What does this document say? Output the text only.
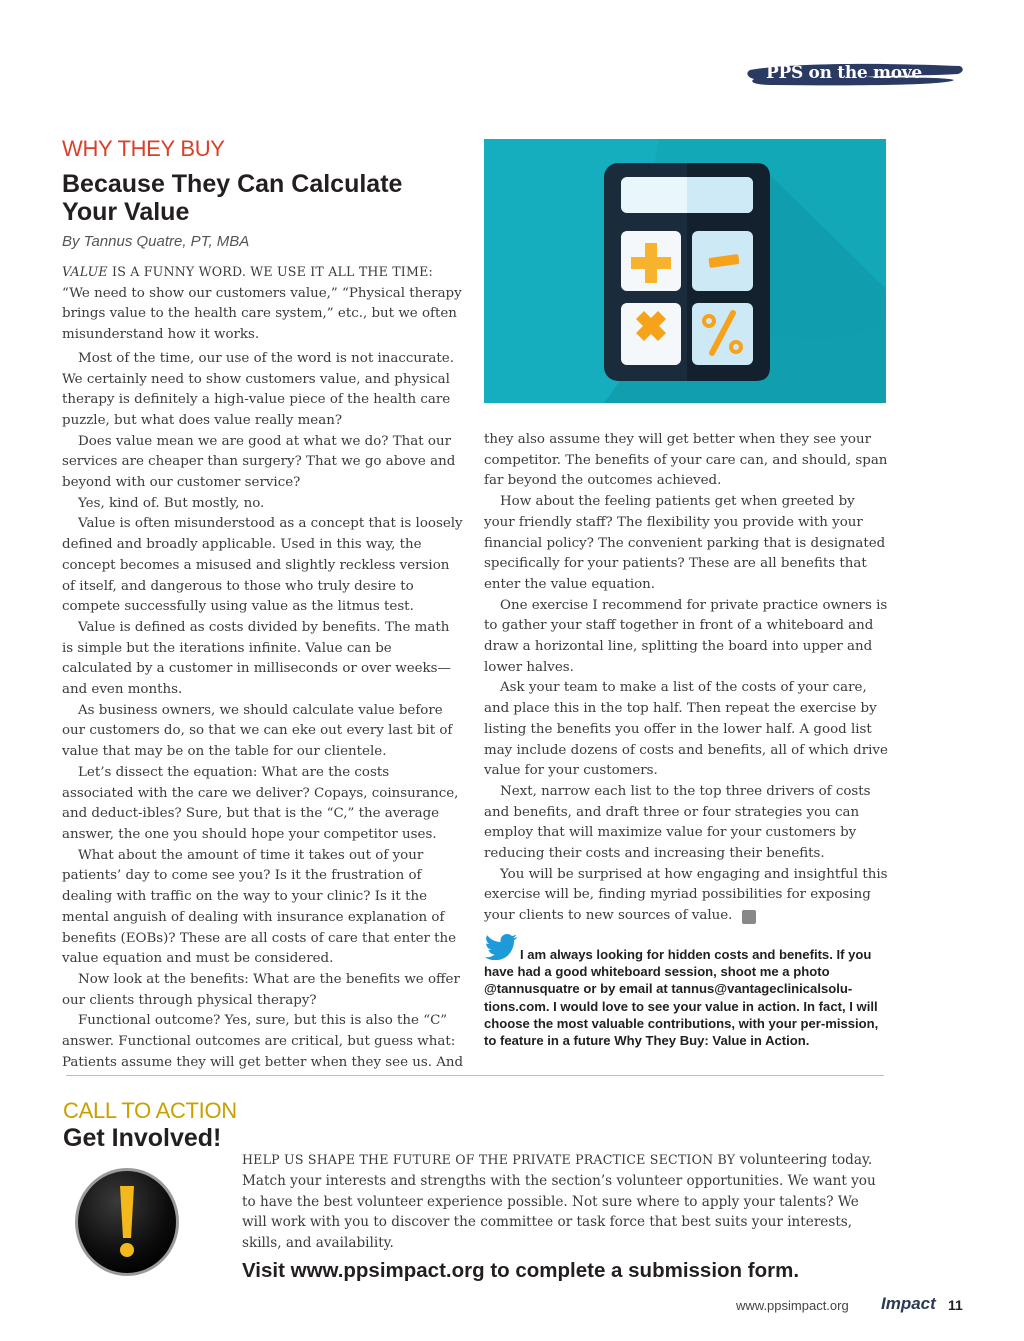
PPS on the move
WHY THEY BUY
Because They Can Calculate
Your Value
By Tannus Quatre, PT, MBA

VALUE IS A FUNNY WORD. WE USE IT ALL THE TIME: “We need to show our customers value,” “Physical therapy brings value to the health care system,” etc., but we often misunderstand how it works.

Most of the time, our use of the word is not inaccurate. We certainly need to show customers value, and physical therapy is definitely a high-value piece of the health care puzzle, but what does value really mean?

Does value mean we are good at what we do? That our services are cheaper than surgery? That we go above and beyond with our customer service?

Yes, kind of. But mostly, no.

Value is often misunderstood as a concept that is loosely defined and broadly applicable. Used in this way, the concept becomes a misused and slightly reckless version of itself, and dangerous to those who truly desire to compete successfully using value as the litmus test.

Value is defined as costs divided by benefits. The math is simple but the iterations infinite. Value can be calculated by a customer in milliseconds or over weeks—and even months.

As business owners, we should calculate value before our customers do, so that we can eke out every last bit of value that may be on the table for our clientele.

Let’s dissect the equation: What are the costs associated with the care we deliver? Copays, coinsurance, and deduct-ibles? Sure, but that is the “C,” the average answer, the one you should hope your competitor uses.

What about the amount of time it takes out of your patients’ day to come see you? Is it the frustration of dealing with traffic on the way to your clinic? Is it the mental anguish of dealing with insurance explanation of benefits (EOBs)? These are all costs of care that enter the value equation and must be considered.

Now look at the benefits: What are the benefits we offer our clients through physical therapy?

Functional outcome? Yes, sure, but this is also the “C” answer. Functional outcomes are critical, but guess what: Patients assume they will get better when they see us. And

they also assume they will get better when they see your competitor. The benefits of your care can, and should, span far beyond the outcomes achieved.

How about the feeling patients get when greeted by your friendly staff? The flexibility you provide with your financial policy? The convenient parking that is designated specifically for your patients? These are all benefits that enter the value equation.

One exercise I recommend for private practice owners is to gather your staff together in front of a whiteboard and draw a horizontal line, splitting the board into upper and lower halves.

Ask your team to make a list of the costs of your care, and place this in the top half. Then repeat the exercise by listing the benefits you offer in the lower half. A good list may include dozens of costs and benefits, all of which drive value for your customers.

Next, narrow each list to the top three drivers of costs and benefits, and draft three or four strategies you can employ that will maximize value for your customers by reducing their costs and increasing their benefits.

You will be surprised at how engaging and insightful this exercise will be, finding myriad possibilities for exposing your clients to new sources of value. I

I am always looking for hidden costs and benefits. If you have had a good whiteboard session, shoot me a photo @tannusquatre or by email at tannus@vantageclinicalsolu-tions.com. I would love to see your value in action. In fact, I will choose the most valuable contributions, with your per-mission, to feature in a future Why They Buy: Value in Action.
CALL TO ACTION
Get Involved!
HELP US SHAPE THE FUTURE OF THE PRIVATE PRACTICE SECTION BY volunteering today. Match your interests and strengths with the section’s volunteer opportunities. We want you to have the best volunteer experience possible. Not sure where to apply your talents? We will work with you to discover the committee or task force that best suits your interests, skills, and availability.
Visit www.ppsimpact.org to complete a submission form.
www.ppsimpact.org Impact 11
